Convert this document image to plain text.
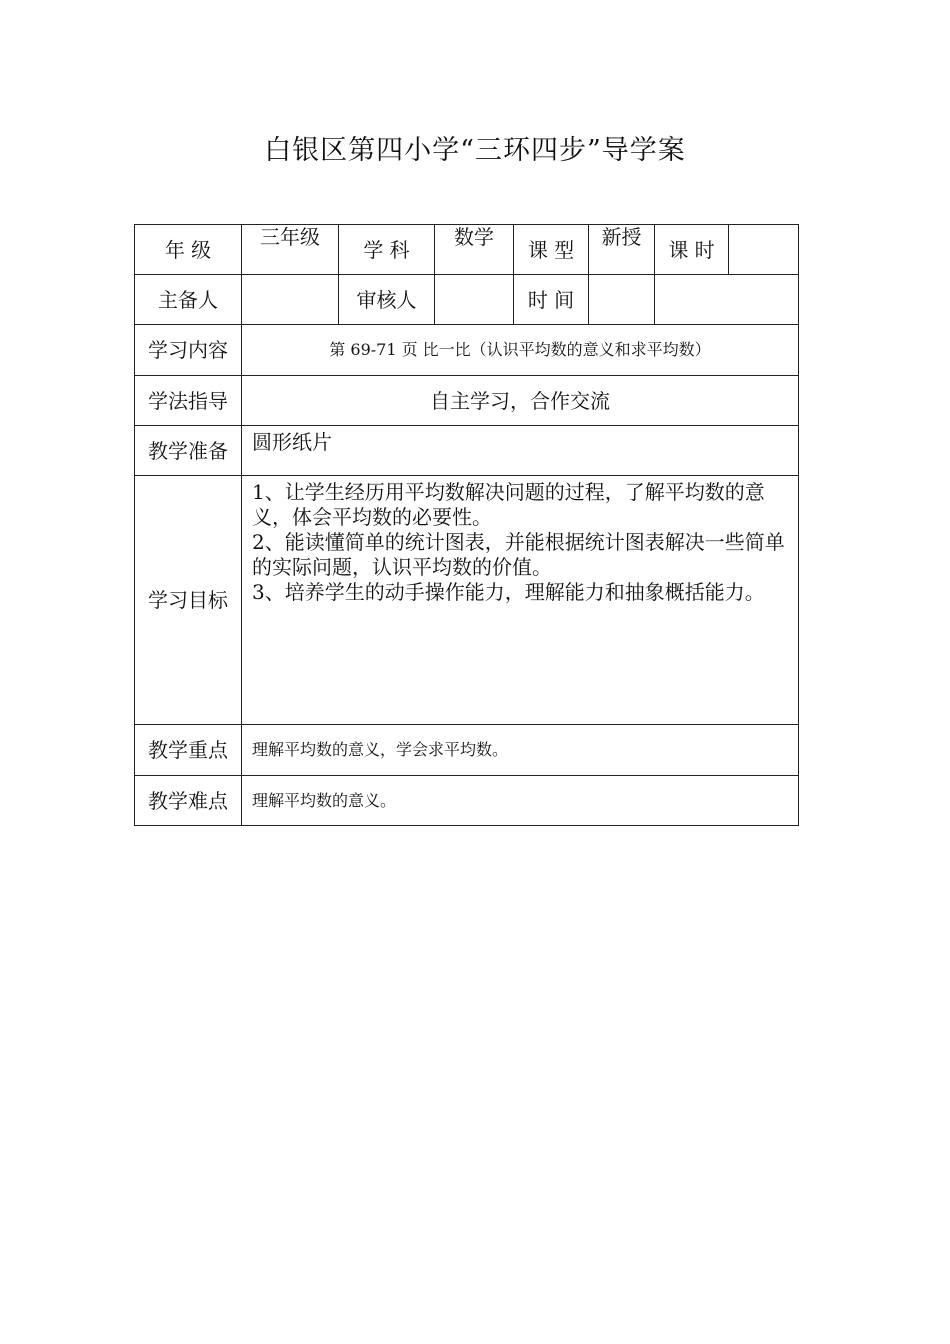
白银区第四小学“三环四步”导学案
年 级	三年级	学 科	数学	课 型	新授	课 时	
主备人		审核人		时 间			
学习内容	第 69-71 页 比一比（认识平均数的意义和求平均数）						
学法指导	自主学习，合作交流						
教学准备	圆形纸片						
学习目标	1、让学生经历用平均数解决问题的过程，了解平均数的意义，体会平均数的必要性。
2、能读懂简单的统计图表，并能根据统计图表解决一些简单的实际问题，认识平均数的价值。
3、培养学生的动手操作能力，理解能力和抽象概括能力。						

教学重点	理解平均数的意义，学会求平均数。						
教学难点	理解平均数的意义。						
